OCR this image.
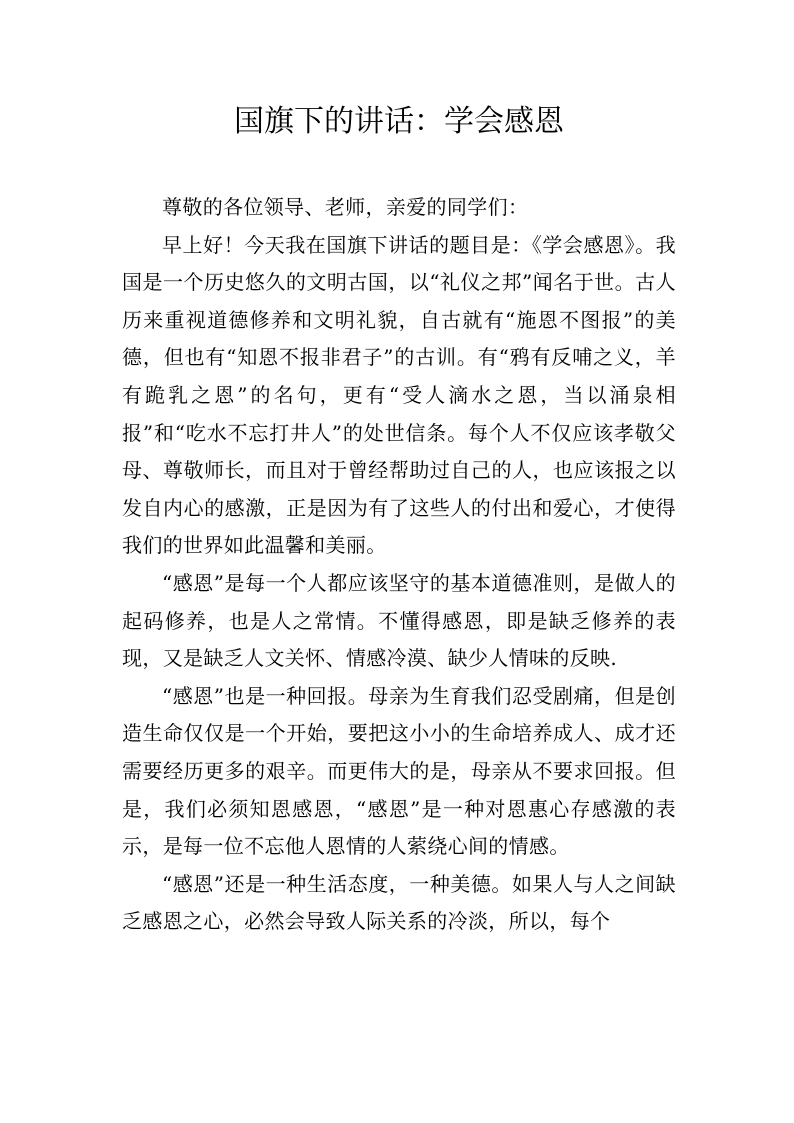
国旗下的讲话：学会感恩

尊敬的各位领导、老师，亲爱的同学们：

早上好！今天我在国旗下讲话的题目是：《学会感恩》。我国是一个历史悠久的文明古国，以“礼仪之邦”闻名于世。古人历来重视道德修养和文明礼貌，自古就有“施恩不图报”的美德，但也有“知恩不报非君子”的古训。有“鸦有反哺之义，羊有跪乳之恩”的名句，更有“受人滴水之恩，当以涌泉相报”和“吃水不忘打井人”的处世信条。每个人不仅应该孝敬父母、尊敬师长，而且对于曾经帮助过自己的人，也应该报之以发自内心的感激，正是因为有了这些人的付出和爱心，才使得我们的世界如此温馨和美丽。

“感恩”是每一个人都应该坚守的基本道德准则，是做人的起码修养，也是人之常情。不懂得感恩，即是缺乏修养的表现，又是缺乏人文关怀、情感冷漠、缺少人情味的反映.

“感恩”也是一种回报。母亲为生育我们忍受剧痛，但是创造生命仅仅是一个开始，要把这小小的生命培养成人、成才还需要经历更多的艰辛。而更伟大的是，母亲从不要求回报。但是，我们必须知恩感恩，“感恩”是一种对恩惠心存感激的表示，是每一位不忘他人恩情的人萦绕心间的情感。

“感恩”还是一种生活态度，一种美德。如果人与人之间缺乏感恩之心，必然会导致人际关系的冷淡，所以，每个
